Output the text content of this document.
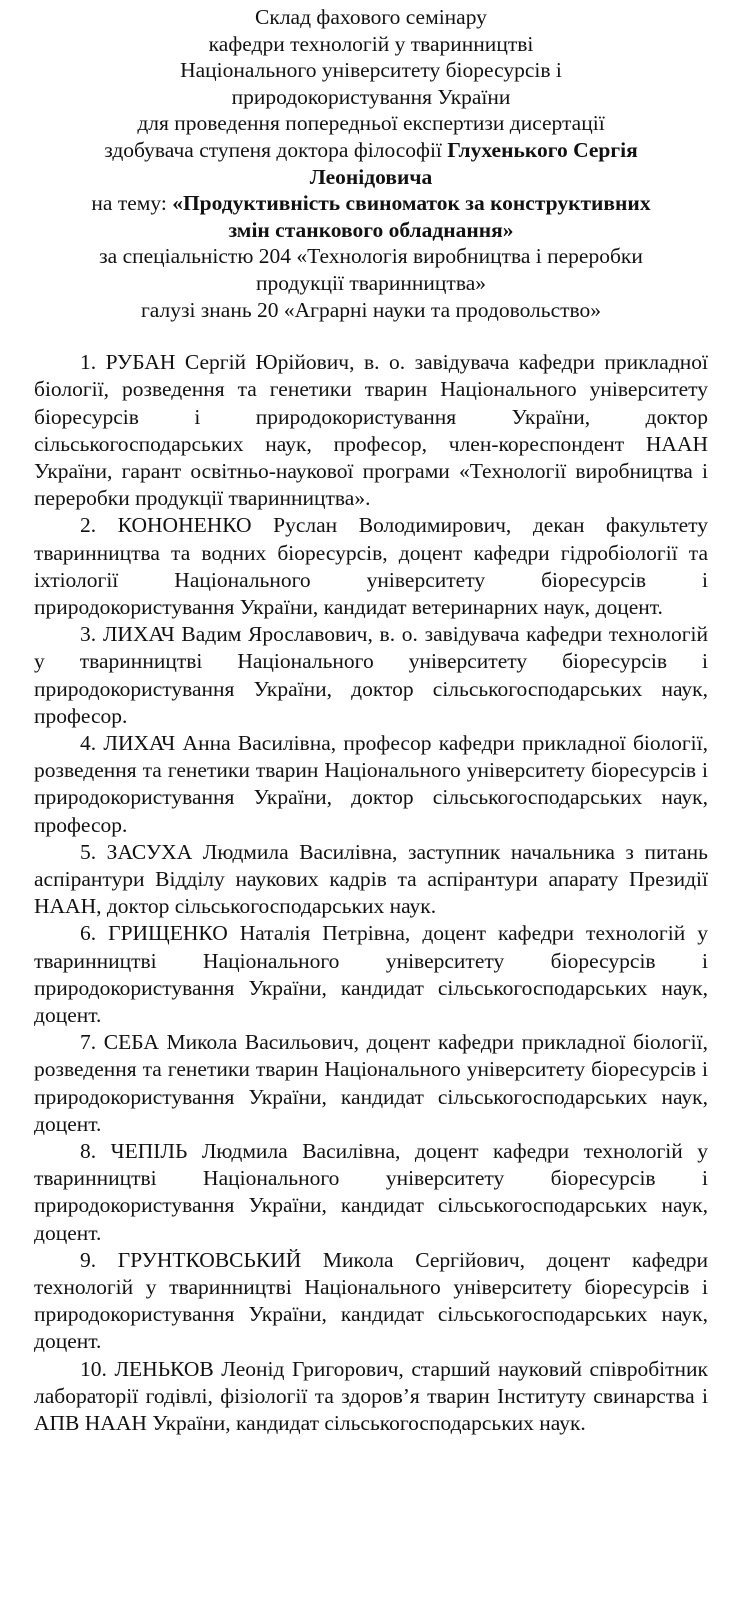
Склад фахового семінару
кафедри технологій у тваринництві
Національного університету біоресурсів і
природокористування України
для проведення попередньої експертизи дисертації
здобувача ступеня доктора філософії Глухенького Сергія
Леонідовича
на тему: «Продуктивність свиноматок за конструктивних
змін станкового обладнання»
за спеціальністю 204 «Технологія виробництва і переробки
продукції тваринництва»
галузі знань 20 «Аграрні науки та продовольство»

1. РУБАН Сергій Юрійович, в. о. завідувача кафедри прикладної біології, розведення та генетики тварин Національного університету біоресурсів і природокористування України, доктор сільськогосподарських наук, професор, член-кореспондент НААН України, гарант освітньо-наукової програми «Технології виробництва і переробки продукції тваринництва».

2. КОНОНЕНКО Руслан Володимирович, декан факультету тваринництва та водних біоресурсів, доцент кафедри гідробіології та іхтіології Національного університету біоресурсів і природокористування України, кандидат ветеринарних наук, доцент.

3. ЛИХАЧ Вадим Ярославович, в. о. завідувача кафедри технологій у тваринництві Національного університету біоресурсів і природокористування України, доктор сільськогосподарських наук, професор.

4. ЛИХАЧ Анна Василівна, професор кафедри прикладної біології, розведення та генетики тварин Національного університету біоресурсів і природокористування України, доктор сільськогосподарських наук, професор.

5. ЗАСУХА Людмила Василівна, заступник начальника з питань аспірантури Відділу наукових кадрів та аспірантури апарату Президії НААН, доктор сільськогосподарських наук.

6. ГРИЩЕНКО Наталія Петрівна, доцент кафедри технологій у тваринництві Національного університету біоресурсів і природокористування України, кандидат сільськогосподарських наук, доцент.

7. СЕБА Микола Васильович, доцент кафедри прикладної біології, розведення та генетики тварин Національного університету біоресурсів і природокористування України, кандидат сільськогосподарських наук, доцент.

8. ЧЕПІЛЬ Людмила Василівна, доцент кафедри технологій у тваринництві Національного університету біоресурсів і природокористування України, кандидат сільськогосподарських наук, доцент.

9. ГРУНТКОВСЬКИЙ Микола Сергійович, доцент кафедри технологій у тваринництві Національного університету біоресурсів і природокористування України, кандидат сільськогосподарських наук, доцент.

10. ЛЕНЬКОВ Леонід Григорович, старший науковий співробітник лабораторії годівлі, фізіології та здоров’я тварин Інституту свинарства і АПВ НААН України, кандидат сільськогосподарських наук.
